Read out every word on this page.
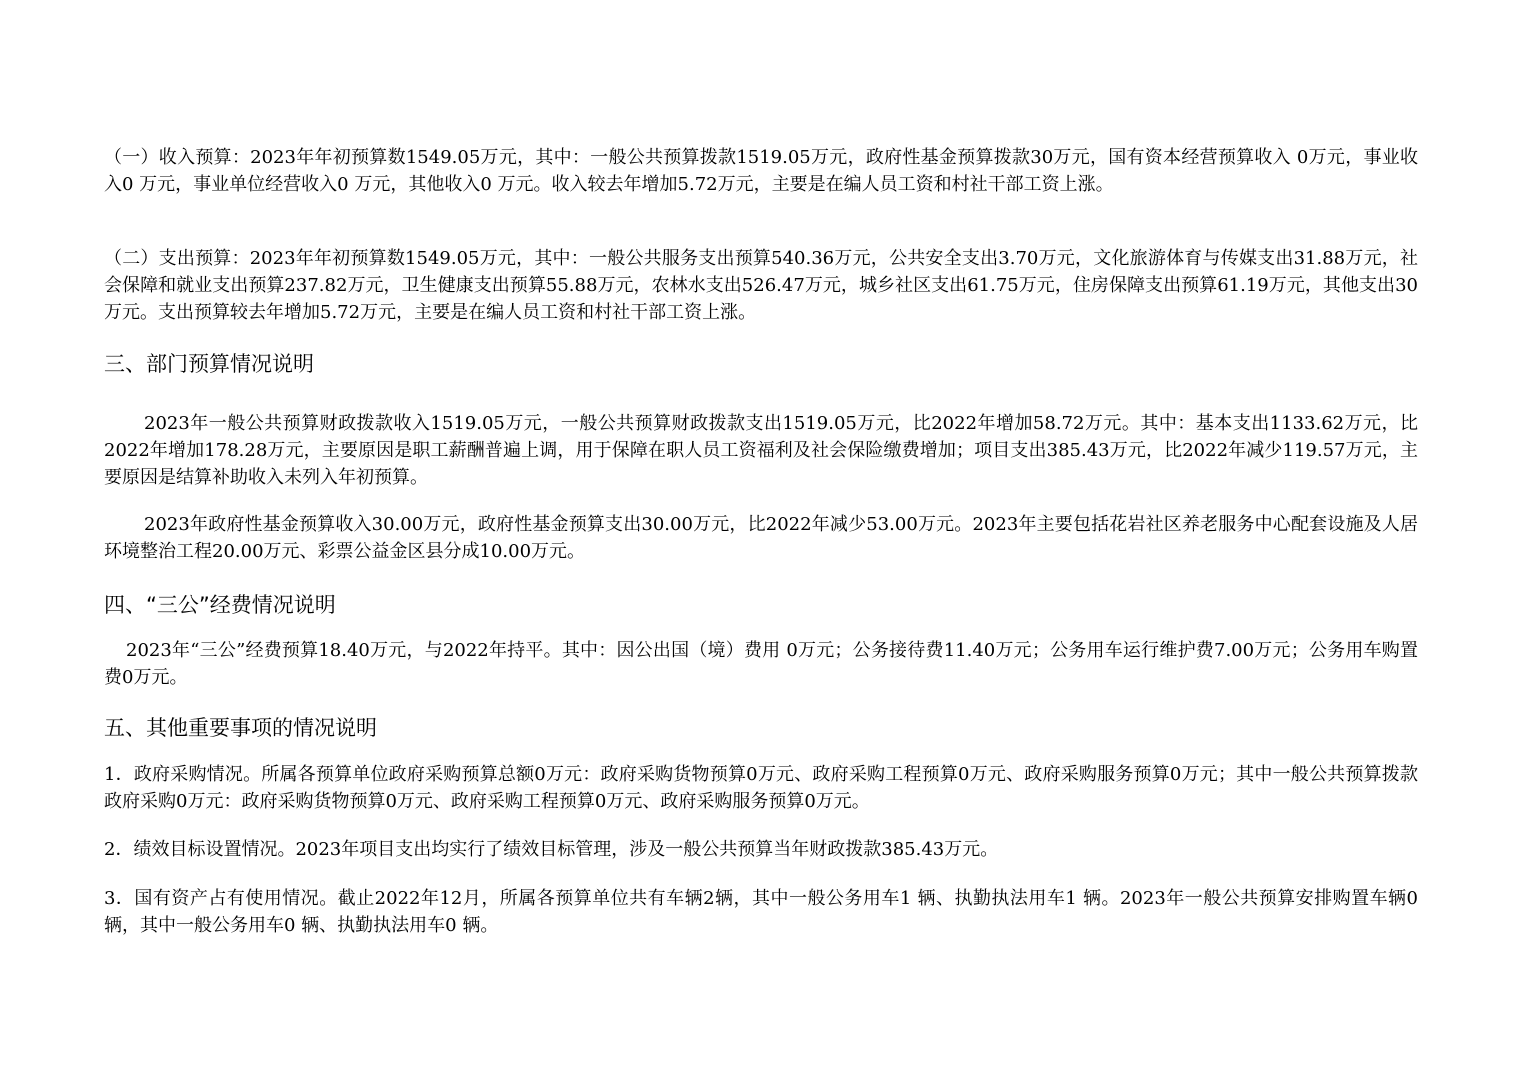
（一）收入预算：2023年年初预算数1549.05万元，其中：一般公共预算拨款1519.05万元，政府性基金预算拨款30万元，国有资本经营预算收入 0万元，事业收入0 万元，事业单位经营收入0 万元，其他收入0 万元。收入较去年增加5.72万元，主要是在编人员工资和村社干部工资上涨。

（二）支出预算：2023年年初预算数1549.05万元，其中：一般公共服务支出预算540.36万元，公共安全支出3.70万元，文化旅游体育与传媒支出31.88万元，社会保障和就业支出预算237.82万元，卫生健康支出预算55.88万元，农林水支出526.47万元，城乡社区支出61.75万元，住房保障支出预算61.19万元，其他支出30万元。支出预算较去年增加5.72万元，主要是在编人员工资和村社干部工资上涨。

三、部门预算情况说明

2023年一般公共预算财政拨款收入1519.05万元，一般公共预算财政拨款支出1519.05万元，比2022年增加58.72万元。其中：基本支出1133.62万元，比2022年增加178.28万元，主要原因是职工薪酬普遍上调，用于保障在职人员工资福利及社会保险缴费增加；项目支出385.43万元，比2022年减少119.57万元，主要原因是结算补助收入未列入年初预算。

2023年政府性基金预算收入30.00万元，政府性基金预算支出30.00万元，比2022年减少53.00万元。2023年主要包括花岩社区养老服务中心配套设施及人居环境整治工程20.00万元、彩票公益金区县分成10.00万元。

四、“三公”经费情况说明

2023年“三公”经费预算18.40万元，与2022年持平。其中：因公出国（境）费用 0万元；公务接待费11.40万元；公务用车运行维护费7.00万元；公务用车购置费0万元。

五、其他重要事项的情况说明

1．政府采购情况。所属各预算单位政府采购预算总额0万元：政府采购货物预算0万元、政府采购工程预算0万元、政府采购服务预算0万元；其中一般公共预算拨款政府采购0万元：政府采购货物预算0万元、政府采购工程预算0万元、政府采购服务预算0万元。

2．绩效目标设置情况。2023年项目支出均实行了绩效目标管理，涉及一般公共预算当年财政拨款385.43万元。

3．国有资产占有使用情况。截止2022年12月，所属各预算单位共有车辆2辆，其中一般公务用车1 辆、执勤执法用车1 辆。2023年一般公共预算安排购置车辆0辆，其中一般公务用车0 辆、执勤执法用车0 辆。
